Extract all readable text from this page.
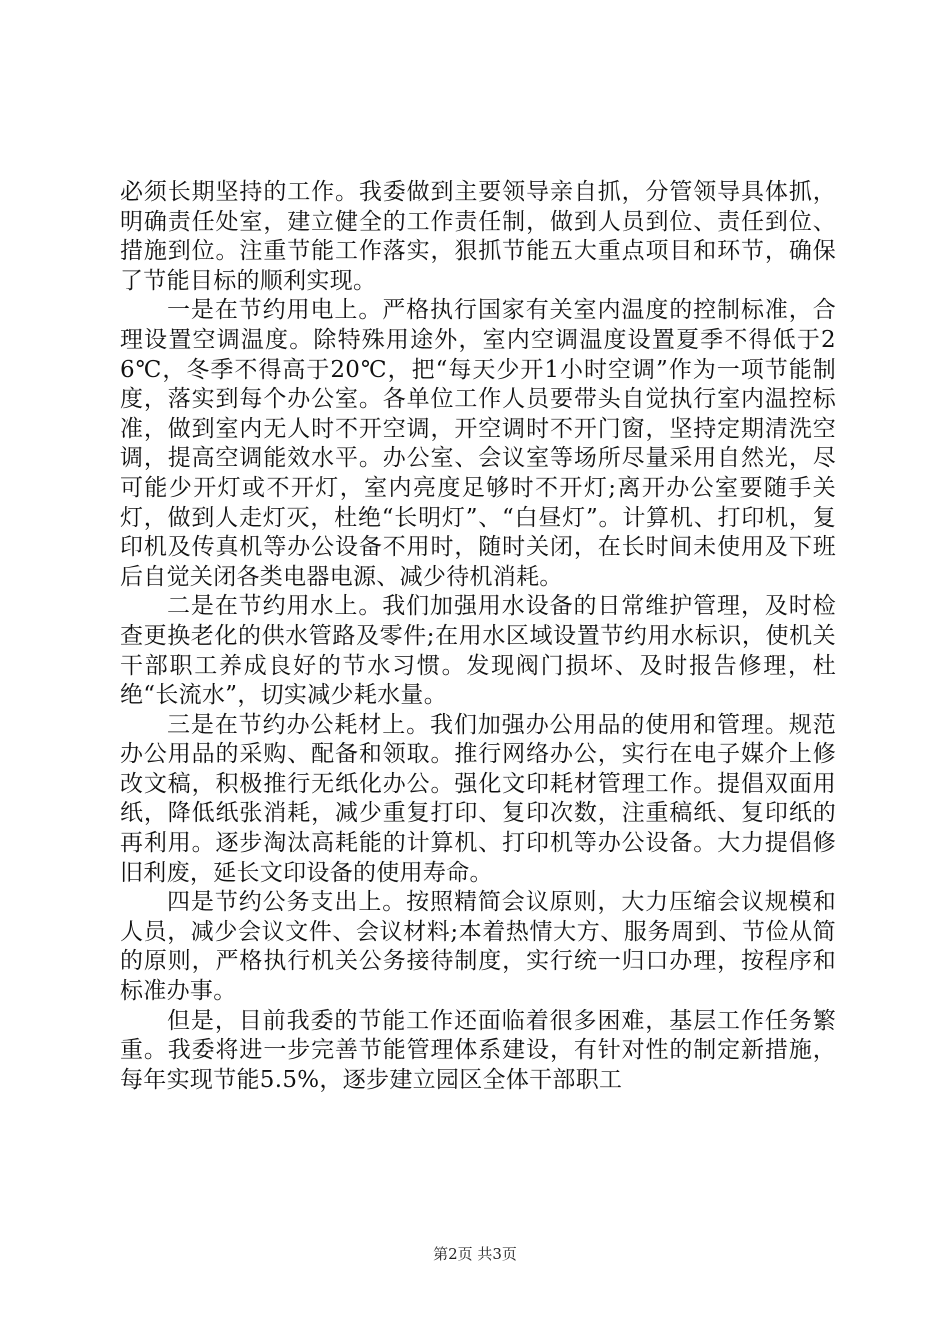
必须长期坚持的工作。我委做到主要领导亲自抓，分管领导具体抓，明确责任处室，建立健全的工作责任制，做到人员到位、责任到位、措施到位。注重节能工作落实，狠抓节能五大重点项目和环节，确保了节能目标的顺利实现。

一是在节约用电上。严格执行国家有关室内温度的控制标准，合理设置空调温度。除特殊用途外，室内空调温度设置夏季不得低于26℃，冬季不得高于20℃，把“每天少开1小时空调”作为一项节能制度，落实到每个办公室。各单位工作人员要带头自觉执行室内温控标准，做到室内无人时不开空调，开空调时不开门窗，坚持定期清洗空调，提高空调能效水平。办公室、会议室等场所尽量采用自然光，尽可能少开灯或不开灯，室内亮度足够时不开灯;离开办公室要随手关灯，做到人走灯灭，杜绝“长明灯”、“白昼灯”。计算机、打印机，复印机及传真机等办公设备不用时，随时关闭，在长时间未使用及下班后自觉关闭各类电器电源、减少待机消耗。

二是在节约用水上。我们加强用水设备的日常维护管理，及时检查更换老化的供水管路及零件;在用水区域设置节约用水标识，使机关干部职工养成良好的节水习惯。发现阀门损坏、及时报告修理，杜绝“长流水”，切实减少耗水量。

三是在节约办公耗材上。我们加强办公用品的使用和管理。规范办公用品的采购、配备和领取。推行网络办公，实行在电子媒介上修改文稿，积极推行无纸化办公。强化文印耗材管理工作。提倡双面用纸，降低纸张消耗，减少重复打印、复印次数，注重稿纸、复印纸的再利用。逐步淘汰高耗能的计算机、打印机等办公设备。大力提倡修旧利废，延长文印设备的使用寿命。

四是节约公务支出上。按照精简会议原则，大力压缩会议规模和人员，减少会议文件、会议材料;本着热情大方、服务周到、节俭从简的原则，严格执行机关公务接待制度，实行统一归口办理，按程序和标准办事。

但是，目前我委的节能工作还面临着很多困难，基层工作任务繁重。我委将进一步完善节能管理体系建设，有针对性的制定新措施，每年实现节能5.5%，逐步建立园区全体干部职工

第2页 共3页
